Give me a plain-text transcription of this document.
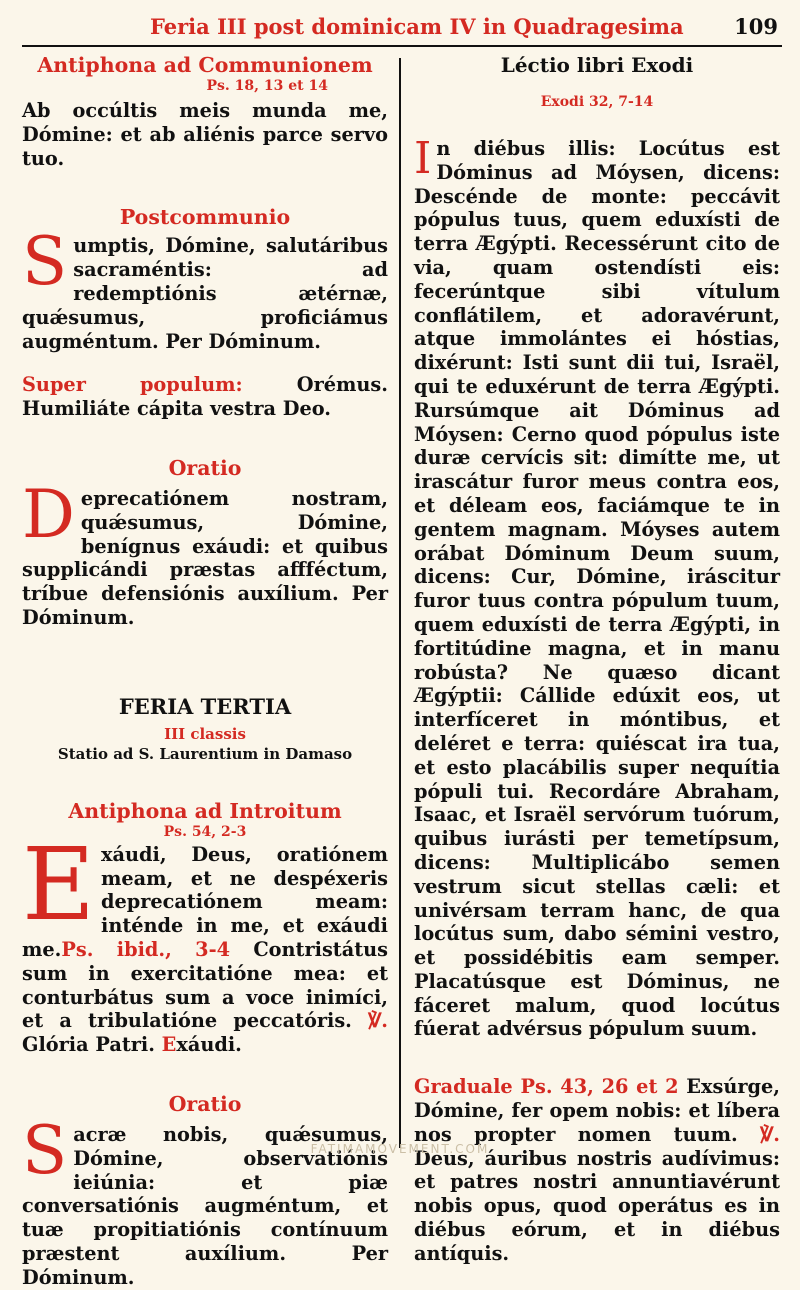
Feria III post dominicam IV in Quadragesima 109
Antiphona ad Communionem
Ps. 18, 13 et 14
Ab occúltis meis munda me, Dómine: et ab aliénis parce servo tuo.
Postcommunio
Sumptis, Dómine, salutáribus sacraméntis: ad redemptiónis ætérnæ, quǽsumus, proficiámus augméntum. Per Dóminum.
Super populum: Orémus. Humiliáte cápita vestra Deo.
Oratio
Deprecatiónem nostram, quǽsumus, Dómine, benígnus exáudi: et quibus supplicándi præstas affféctum, tríbue defensiónis auxílium. Per Dóminum.
FERIA TERTIA
III classis
Statio ad S. Laurentium in Damaso
Antiphona ad Introitum
Ps. 54, 2-3
Exáudi, Deus, oratiónem meam, et ne despéxeris deprecatiónem meam: inténde in me, et exáudi me.Ps. ibid., 3-4 Contristátus sum in exercitatióne mea: et conturbátus sum a voce inimíci, et a tribulatióne peccatóris. ℣. Glória Patri. Exáudi.
Oratio
Sacræ nobis, quǽsumus, Dómine, observatiónis ieiúnia: et piæ conversatiónis augméntum, et tuæ propitiatiónis contínuum præstent auxílium. Per Dóminum.
Léctio libri Exodi
Exodi 32, 7-14
In diébus illis: Locútus est Dóminus ad Móysen, dicens: Descénde de monte: peccávit pópulus tuus, quem eduxísti de terra Ægýpti. Recessérunt cito de via, quam ostendísti eis: fecerúntque sibi vítulum conflátilem, et adoravérunt, atque immolántes ei hóstias, dixérunt: Isti sunt dii tui, Israël, qui te eduxérunt de terra Ægýpti. Rursúmque ait Dóminus ad Móysen: Cerno quod pópulus iste duræ cervícis sit: dimítte me, ut irascátur furor meus contra eos, et déleam eos, faciámque te in gentem magnam. Móyses autem orábat Dóminum Deum suum, dicens: Cur, Dómine, iráscitur furor tuus contra pópulum tuum, quem eduxísti de terra Ægýpti, in fortitúdine magna, et in manu robústa? Ne quæso dicant Ægýptii: Cállide edúxit eos, ut interfíceret in móntibus, et deléret e terra: quiéscat ira tua, et esto placábilis super nequítia pópuli tui. Recordáre Abraham, Isaac, et Israël servórum tuórum, quibus iurásti per temetípsum, dicens: Multiplicábo semen vestrum sicut stellas cæli: et univérsam terram hanc, de qua locútus sum, dabo sémini vestro, et possidébitis eam semper. Placatúsque est Dóminus, ne fáceret malum, quod locútus fúerat advérsus pópulum suum.
Graduale Ps. 43, 26 et 2 Exsúrge, Dómine, fer opem nobis: et líbera nos propter nomen tuum. ℣. Deus, áuribus nostris audívimus: et patres nostri annuntiavérunt nobis opus, quod operátus es in diébus eórum, et in diébus antíquis.
FATIMAMOVEMENT.COM
